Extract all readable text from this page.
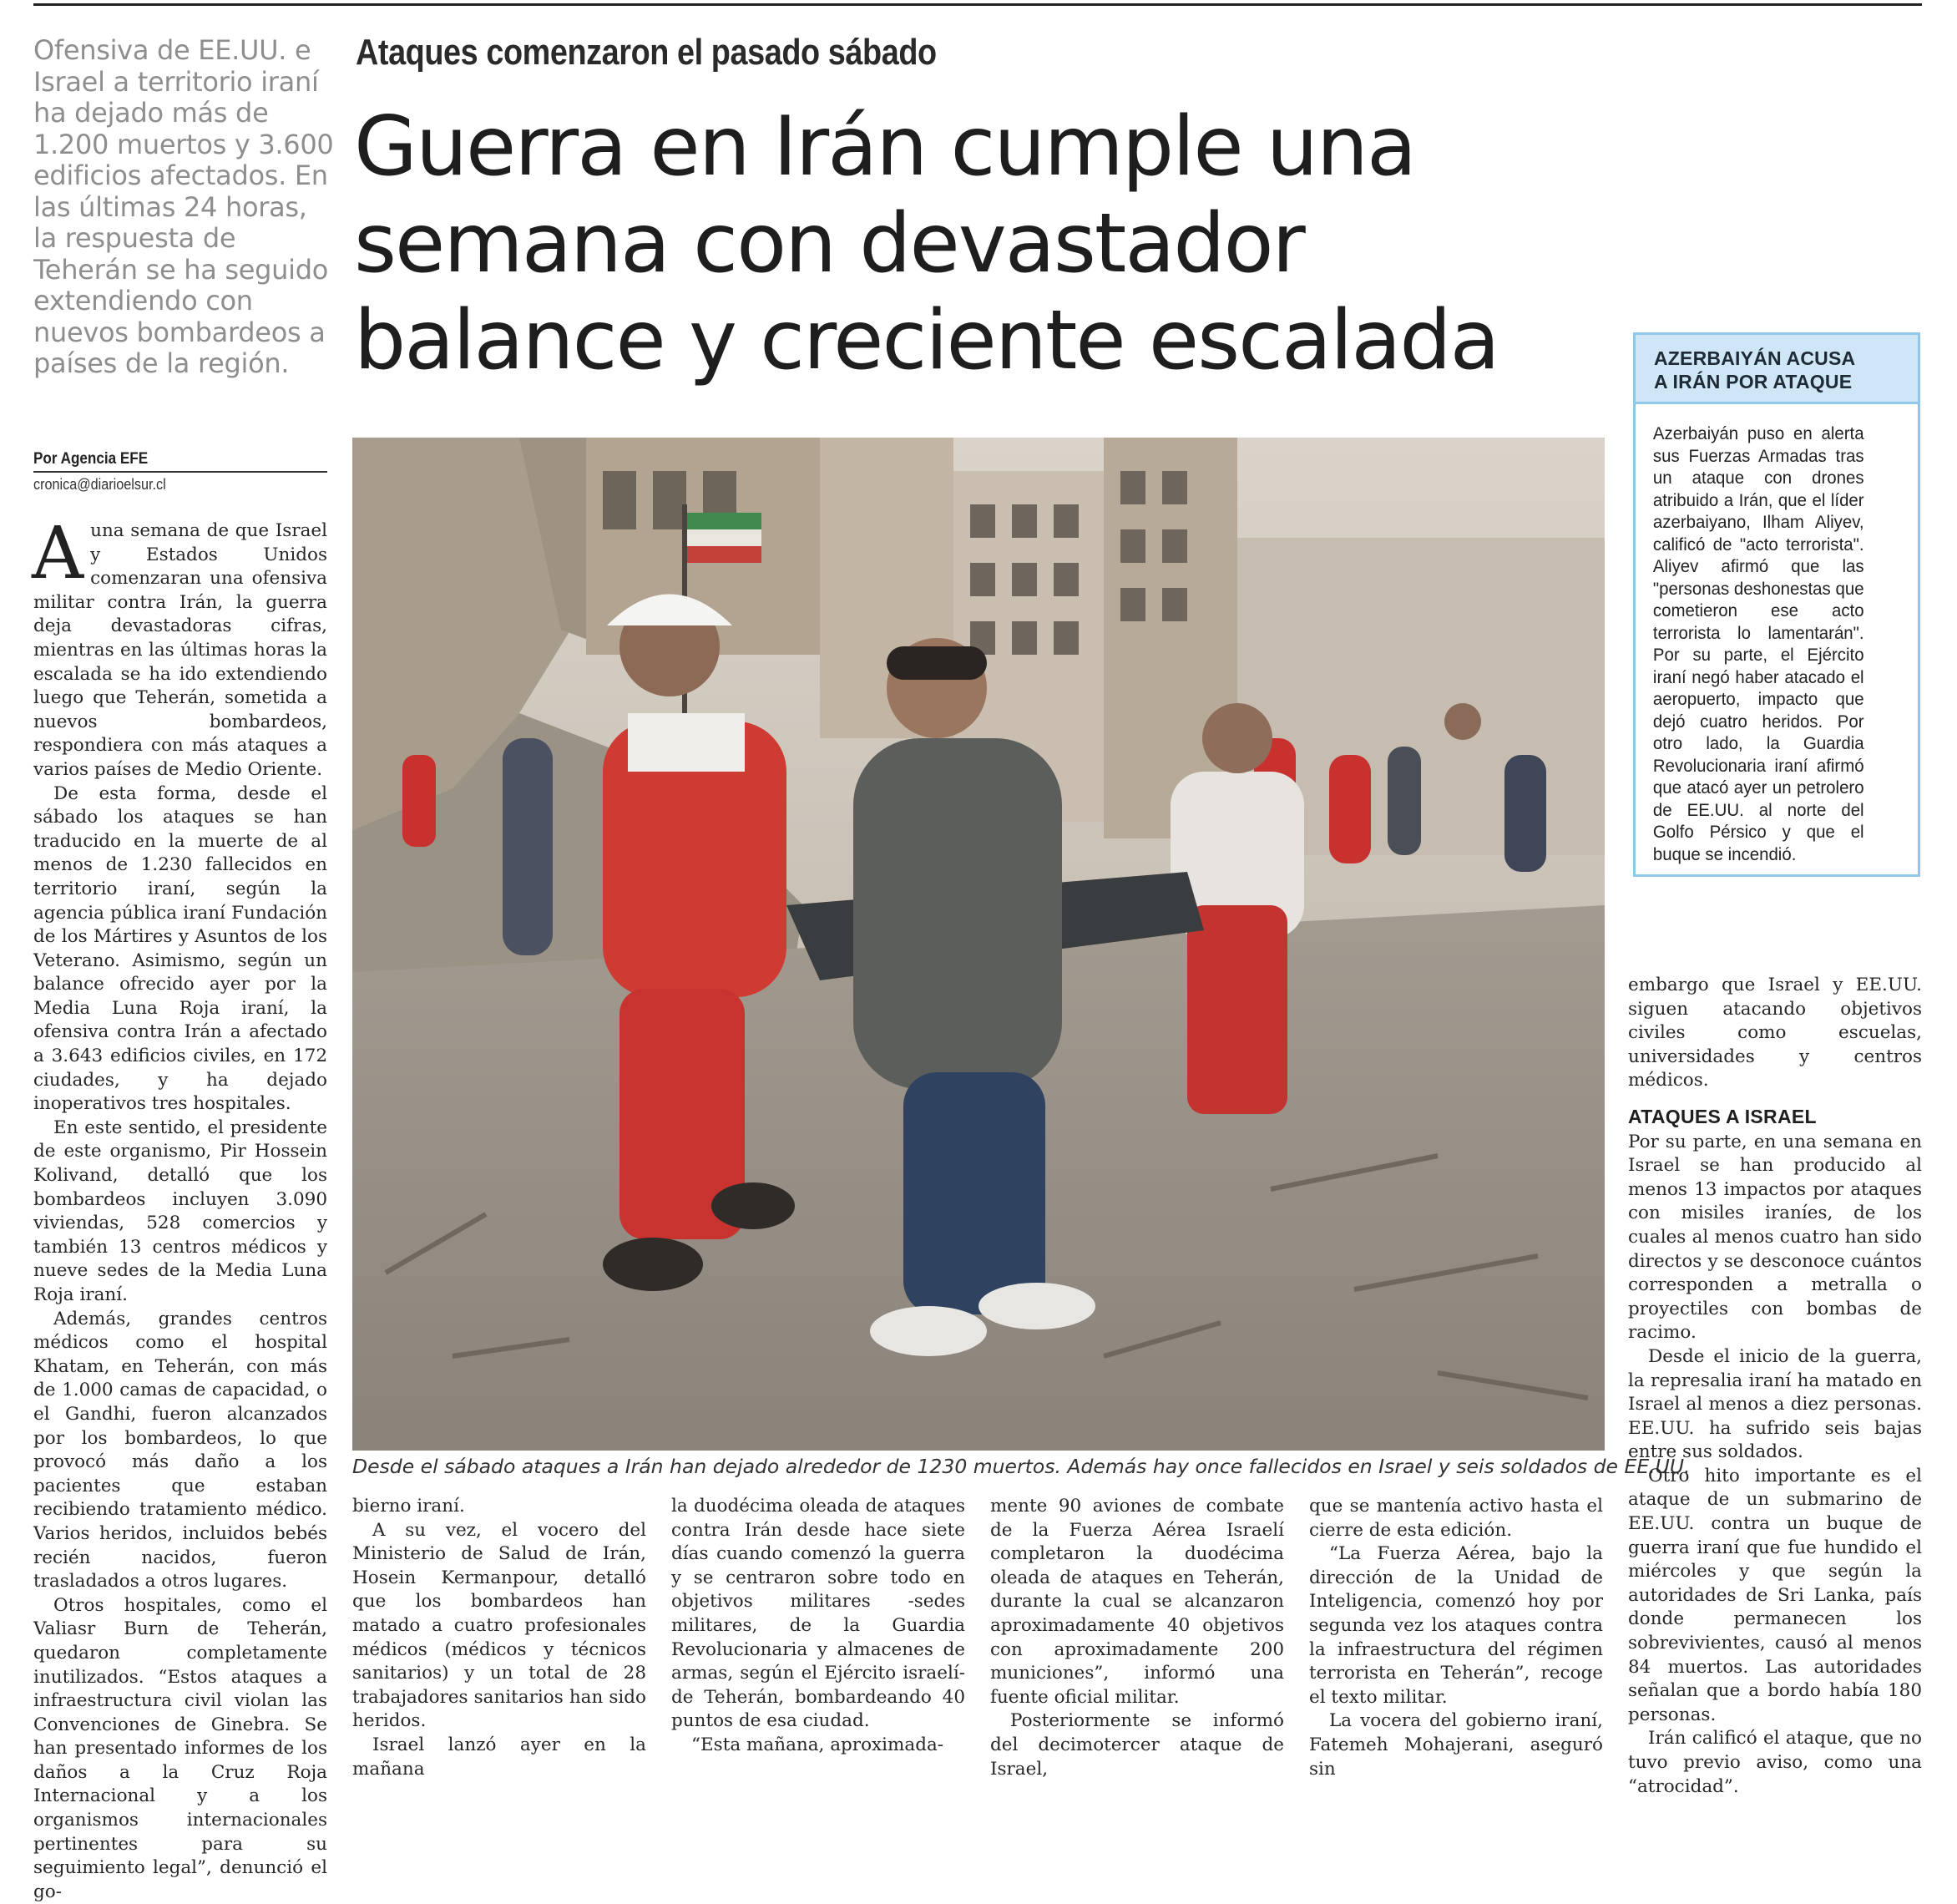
Ofensiva de EE.UU. e Israel a territorio iraní ha dejado más de 1.200 muertos y 3.600 edificios afectados. En las últimas 24 horas, la respuesta de Teherán se ha seguido extendiendo con nuevos bombardeos a países de la región.
Por Agencia EFE
cronica@diarioelsur.cl
Ataques comenzaron el pasado sábado
Guerra en Irán cumple una
semana con devastador
balance y creciente escalada
Desde el sábado ataques a Irán han dejado alrededor de 1230 muertos. Además hay once fallecidos en Israel y seis soldados de EE.UU.

Auna semana de que Israel y Estados Unidos comenzaran una ofensiva militar contra Irán, la guerra deja devastadoras cifras, mientras en las últimas horas la escalada se ha ido extendiendo luego que Teherán, sometida a nuevos bombardeos, respondiera con más ataques a varios países de Medio Oriente.

De esta forma, desde el sábado los ataques se han traducido en la muerte de al menos de 1.230 fallecidos en territorio iraní, según la agencia pública iraní Fundación de los Mártires y Asuntos de los Veterano. Asimismo, según un balance ofrecido ayer por la Media Luna Roja iraní, la ofensiva contra Irán a afectado a 3.643 edificios civiles, en 172 ciudades, y ha dejado inoperativos tres hospitales.

En este sentido, el presidente de este organismo, Pir Hossein Kolivand, detalló que los bombardeos incluyen 3.090 viviendas, 528 comercios y también 13 centros médicos y nueve sedes de la Media Luna Roja iraní.

Además, grandes centros médicos como el hospital Khatam, en Teherán, con más de 1.000 camas de capacidad, o el Gandhi, fueron alcanzados por los bombardeos, lo que provocó más daño a los pacientes que estaban recibiendo tratamiento médico. Varios heridos, incluidos bebés recién nacidos, fueron trasladados a otros lugares.

Otros hospitales, como el Valiasr Burn de Teherán, quedaron completamente inutilizados. “Estos ataques a infraestructura civil violan las Convenciones de Ginebra. Se han presentado informes de los daños a la Cruz Roja Internacional y a los organismos internacionales pertinentes para su seguimiento legal”, denunció el go-

bierno iraní.

A su vez, el vocero del Ministerio de Salud de Irán, Hosein Kermanpour, detalló que los bombardeos han matado a cuatro profesionales médicos (médicos y técnicos sanitarios) y un total de 28 trabajadores sanitarios han sido heridos.

Israel lanzó ayer en la mañana

la duodécima oleada de ataques contra Irán desde hace siete días cuando comenzó la guerra y se centraron sobre todo en objetivos militares -sedes militares, de la Guardia Revolucionaria y almacenes de armas, según el Ejército israelí- de Teherán, bombardeando 40 puntos de esa ciudad.

“Esta mañana, aproximada-

mente 90 aviones de combate de la Fuerza Aérea Israelí completaron la duodécima oleada de ataques en Teherán, durante la cual se alcanzaron aproximadamente 40 objetivos con aproximadamente 200 municiones”, informó una fuente oficial militar.

Posteriormente se informó del decimotercer ataque de Israel,

que se mantenía activo hasta el cierre de esta edición.

“La Fuerza Aérea, bajo la dirección de la Unidad de Inteligencia, comenzó hoy por segunda vez los ataques contra la infraestructura del régimen terrorista en Teherán”, recoge el texto militar.

La vocera del gobierno iraní, Fatemeh Mohajerani, aseguró sin

AZERBAIYÁN ACUSA
A IRÁN POR ATAQUE
Azerbaiyán puso en alerta sus Fuerzas Armadas tras un ataque con drones atribuido a Irán, que el líder azerbaiyano, Ilham Aliyev, calificó de "acto terrorista". Aliyev afirmó que las "personas deshonestas que cometieron ese acto terrorista lo lamentarán". Por su parte, el Ejército iraní negó haber atacado el aeropuerto, impacto que dejó cuatro heridos. Por otro lado, la Guardia Revolucionaria iraní afirmó que atacó ayer un petrolero de EE.UU. al norte del Golfo Pérsico y que el buque se incendió.

embargo que Israel y EE.UU. siguen atacando objetivos civiles como escuelas, universidades y centros médicos.

ATAQUES A ISRAEL

Por su parte, en una semana en Israel se han producido al menos 13 impactos por ataques con misiles iraníes, de los cuales al menos cuatro han sido directos y se desconoce cuántos corresponden a metralla o proyectiles con bombas de racimo.

Desde el inicio de la guerra, la represalia iraní ha matado en Israel al menos a diez personas. EE.UU. ha sufrido seis bajas entre sus soldados.

Otro hito importante es el ataque de un submarino de EE.UU. contra un buque de guerra iraní que fue hundido el miércoles y que según la autoridades de Sri Lanka, país donde permanecen los sobrevivientes, causó al menos 84 muertos. Las autoridades señalan que a bordo había 180 personas.

Irán calificó el ataque, que no tuvo previo aviso, como una “atrocidad”.
